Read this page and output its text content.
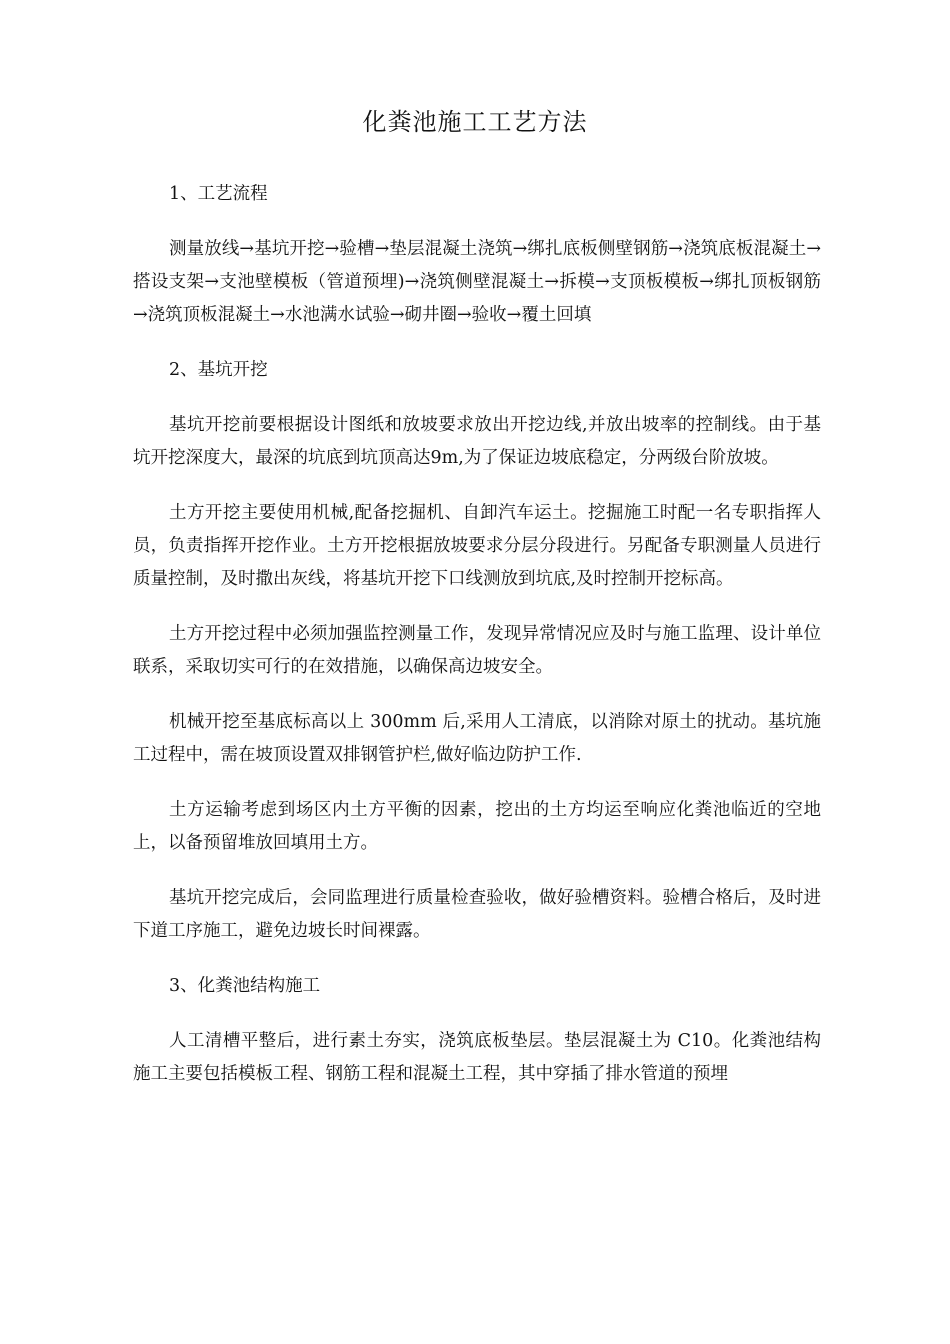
化粪池施工工艺方法

1、工艺流程

测量放线→基坑开挖→验槽→垫层混凝土浇筑→绑扎底板侧壁钢筋→浇筑底板混凝土→搭设支架→支池壁模板（管道预埋)→浇筑侧壁混凝土→拆模→支顶板模板→绑扎顶板钢筋→浇筑顶板混凝土→水池满水试验→砌井圈→验收→覆土回填

2、基坑开挖

基坑开挖前要根据设计图纸和放坡要求放出开挖边线,并放出坡率的控制线。由于基坑开挖深度大，最深的坑底到坑顶高达9m,为了保证边坡底稳定，分两级台阶放坡。

土方开挖主要使用机械,配备挖掘机、自卸汽车运土。挖掘施工时配一名专职指挥人员，负责指挥开挖作业。土方开挖根据放坡要求分层分段进行。另配备专职测量人员进行质量控制，及时撒出灰线，将基坑开挖下口线测放到坑底,及时控制开挖标高。

土方开挖过程中必须加强监控测量工作，发现异常情况应及时与施工监理、设计单位联系，采取切实可行的在效措施，以确保高边坡安全。

机械开挖至基底标高以上 300mm 后,采用人工清底，以消除对原土的扰动。基坑施工过程中，需在坡顶设置双排钢管护栏,做好临边防护工作.

土方运输考虑到场区内土方平衡的因素，挖出的土方均运至响应化粪池临近的空地上，以备预留堆放回填用土方。

基坑开挖完成后，会同监理进行质量检查验收，做好验槽资料。验槽合格后，及时进下道工序施工，避免边坡长时间裸露。

3、化粪池结构施工

人工清槽平整后，进行素土夯实，浇筑底板垫层。垫层混凝土为 C10。化粪池结构施工主要包括模板工程、钢筋工程和混凝土工程，其中穿插了排水管道的预埋
